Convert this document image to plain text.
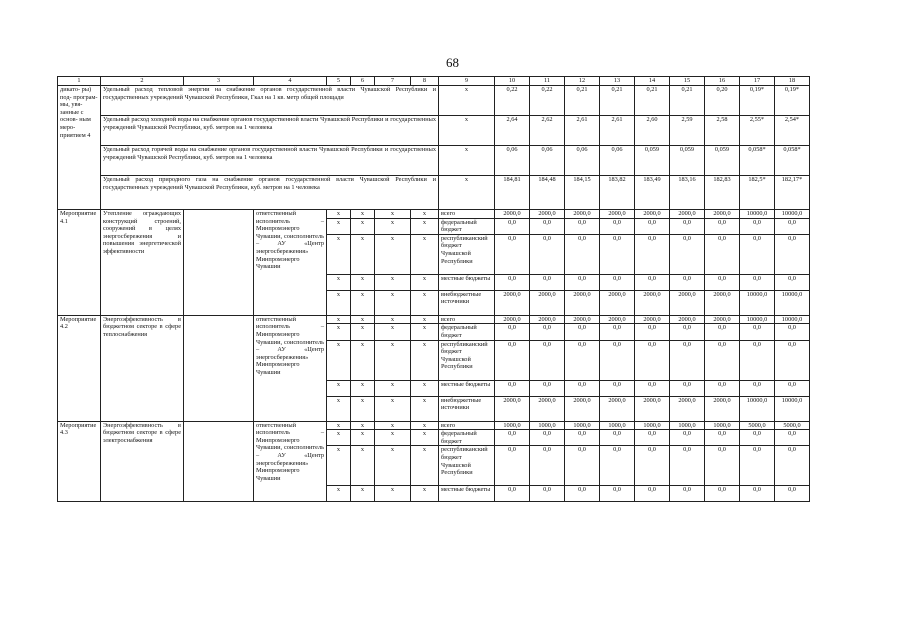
68
1	2	3	4	5	6	7	8	9	10	11	12	13	14	15	16	17	18
дикато- ры) под- програм- мы, увя- занные с основ- ным меро- приятием 4	Удельный расход тепловой энергии на снабжение органов государственной власти Чувашской Республики и государственных учреждений Чувашской Республики, Гкал на 1 кв. метр общей площади							x	0,22	0,22	0,21	0,21	0,21	0,21	0,20	0,19*	0,19*
	Удельный расход холодной воды на снабжение органов государственной власти Чувашской Республики и государственных учреждений Чувашской Республики, куб. метров на 1 человека							x	2,64	2,62	2,61	2,61	2,60	2,59	2,58	2,55*	2,54*
	Удельный расход горячей воды на снабжение органов государственной власти Чувашской Республики и государственных учреждений Чувашской Республики, куб. метров на 1 человека							x	0,06	0,06	0,06	0,06	0,059	0,059	0,059	0,058*	0,058*
	Удельный расход природного газа на снабжение органов государственной власти Чувашской Республики и государственных учреждений Чувашской Республики, куб. метров на 1 человека							x	184,81	184,48	184,15	183,82	183,49	183,16	182,83	182,5*	182,17*
Мероприятие 4.1	Утепление ограждающих конструкций строений, сооружений в целях энергосбережения и повышения энергетической эффективности		ответственный исполнитель – Минпромэнерго Чувашии, соисполнитель – АУ «Центр энергосбережения» Минпромэнерго Чувашии	x	x	x	x	всего	2000,0	2000,0	2000,0	2000,0	2000,0	2000,0	2000,0	10000,0	10000,0
				x	x	x	x	федеральный бюджет	0,0	0,0	0,0	0,0	0,0	0,0	0,0	0,0	0,0
				x	x	x	x	республиканский бюджет Чувашской Республики	0,0	0,0	0,0	0,0	0,0	0,0	0,0	0,0	0,0
				x	x	x	x	местные бюджеты	0,0	0,0	0,0	0,0	0,0	0,0	0,0	0,0	0,0
				x	x	x	x	внебюджетные источники	2000,0	2000,0	2000,0	2000,0	2000,0	2000,0	2000,0	10000,0	10000,0
Мероприятие 4.2	Энергоэффективность в бюджетном секторе в сфере теплоснабжения		ответственный исполнитель – Минпромэнерго Чувашии, соисполнитель – АУ «Центр энергосбережения» Минпромэнерго Чувашии	x	x	x	x	всего	2000,0	2000,0	2000,0	2000,0	2000,0	2000,0	2000,0	10000,0	10000,0
				x	x	x	x	федеральный бюджет	0,0	0,0	0,0	0,0	0,0	0,0	0,0	0,0	0,0
				x	x	x	x	республиканский бюджет Чувашской Республики	0,0	0,0	0,0	0,0	0,0	0,0	0,0	0,0	0,0
				x	x	x	x	местные бюджеты	0,0	0,0	0,0	0,0	0,0	0,0	0,0	0,0	0,0
				x	x	x	x	внебюджетные источники	2000,0	2000,0	2000,0	2000,0	2000,0	2000,0	2000,0	10000,0	10000,0
Мероприятие 4.3	Энергоэффективность в бюджетном секторе в сфере электроснабжения		ответственный исполнитель – Минпромэнерго Чувашии, соисполнитель – АУ «Центр энергосбережения» Минпромэнерго Чувашии	x	x	x	x	всего	1000,0	1000,0	1000,0	1000,0	1000,0	1000,0	1000,0	5000,0	5000,0
				x	x	x	x	федеральный бюджет	0,0	0,0	0,0	0,0	0,0	0,0	0,0	0,0	0,0
				x	x	x	x	республиканский бюджет Чувашской Республики	0,0	0,0	0,0	0,0	0,0	0,0	0,0	0,0	0,0
				x	x	x	x	местные бюджеты	0,0	0,0	0,0	0,0	0,0	0,0	0,0	0,0	0,0
